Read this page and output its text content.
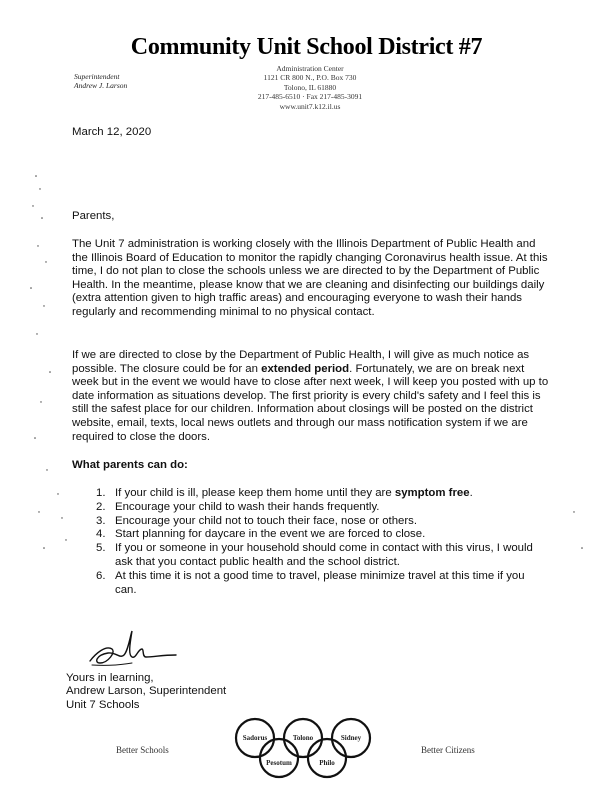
Community Unit School District #7
Superintendent
Andrew J. Larson
Administration Center
1121 CR 800 N., P.O. Box 730
Tolono, IL 61880
217-485-6510 · Fax 217-485-3091
www.unit7.k12.il.us
March 12, 2020
Parents,

The Unit 7 administration is working closely with the Illinois Department of Public Health and the Illinois Board of Education to monitor the rapidly changing Coronavirus health issue. At this time, I do not plan to close the schools unless we are directed to by the Department of Public Health. In the meantime, please know that we are cleaning and disinfecting our buildings daily (extra attention given to high traffic areas) and encouraging everyone to wash their hands regularly and recommending minimal to no physical contact.

If we are directed to close by the Department of Public Health, I will give as much notice as possible. The closure could be for an extended period. Fortunately, we are on break next week but in the event we would have to close after next week, I will keep you posted with up to date information as situations develop. The first priority is every child's safety and I feel this is still the safest place for our children. Information about closings will be posted on the district website, email, texts, local news outlets and through our mass notification system if we are required to close the doors.

What parents can do:
1. If your child is ill, please keep them home until they are symptom free.
2. Encourage your child to wash their hands frequently.
3. Encourage your child not to touch their face, nose or others.
4. Start planning for daycare in the event we are forced to close.
5. If you or someone in your household should come in contact with this virus, I would ask that you contact public health and the school district.
6. At this time it is not a good time to travel, please minimize travel at this time if you can.
Yours in learning,
Andrew Larson, Superintendent
Unit 7 Schools
Better Schools	Better Citizens
Sadorus	Tolono	Sidney
Pesotum	Philo
